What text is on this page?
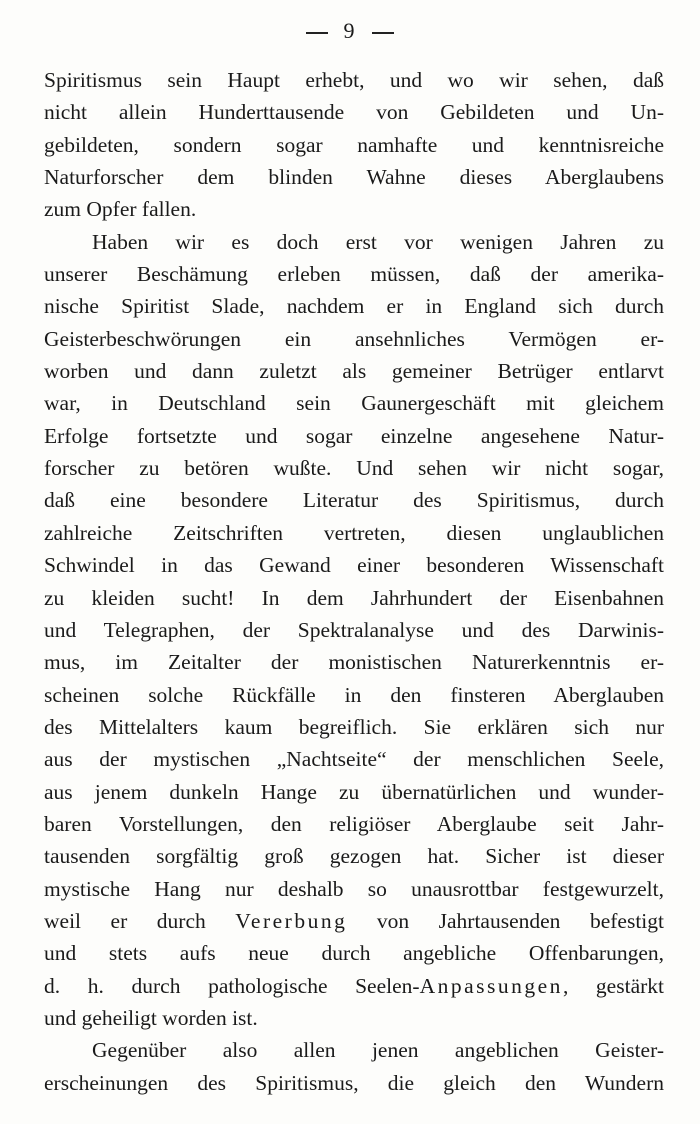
9
Spiritismus sein Haupt erhebt, und wo wir sehen, daß
nicht allein Hunderttausende von Gebildeten und Un-
gebildeten, sondern sogar namhafte und kenntnisreiche
Naturforscher dem blinden Wahne dieses Aberglaubens
zum Opfer fallen.
Haben wir es doch erst vor wenigen Jahren zu
unserer Beschämung erleben müssen, daß der amerika-
nische Spiritist Slade, nachdem er in England sich durch
Geisterbeschwörungen ein ansehnliches Vermögen er-
worben und dann zuletzt als gemeiner Betrüger entlarvt
war, in Deutschland sein Gaunergeschäft mit gleichem
Erfolge fortsetzte und sogar einzelne angesehene Natur-
forscher zu betören wußte. Und sehen wir nicht sogar,
daß eine besondere Literatur des Spiritismus, durch
zahlreiche Zeitschriften vertreten, diesen unglaublichen
Schwindel in das Gewand einer besonderen Wissenschaft
zu kleiden sucht! In dem Jahrhundert der Eisenbahnen
und Telegraphen, der Spektralanalyse und des Darwinis-
mus, im Zeitalter der monistischen Naturerkenntnis er-
scheinen solche Rückfälle in den finsteren Aberglauben
des Mittelalters kaum begreiflich. Sie erklären sich nur
aus der mystischen „Nachtseite“ der menschlichen Seele,
aus jenem dunkeln Hange zu übernatürlichen und wunder-
baren Vorstellungen, den religiöser Aberglaube seit Jahr-
tausenden sorgfältig groß gezogen hat. Sicher ist dieser
mystische Hang nur deshalb so unausrottbar festgewurzelt,
weil er durch Vererbung von Jahrtausenden befestigt
und stets aufs neue durch angebliche Offenbarungen,
d. h. durch pathologische Seelen-Anpassungen, gestärkt
und geheiligt worden ist.
Gegenüber also allen jenen angeblichen Geister-
erscheinungen des Spiritismus, die gleich den Wundern
